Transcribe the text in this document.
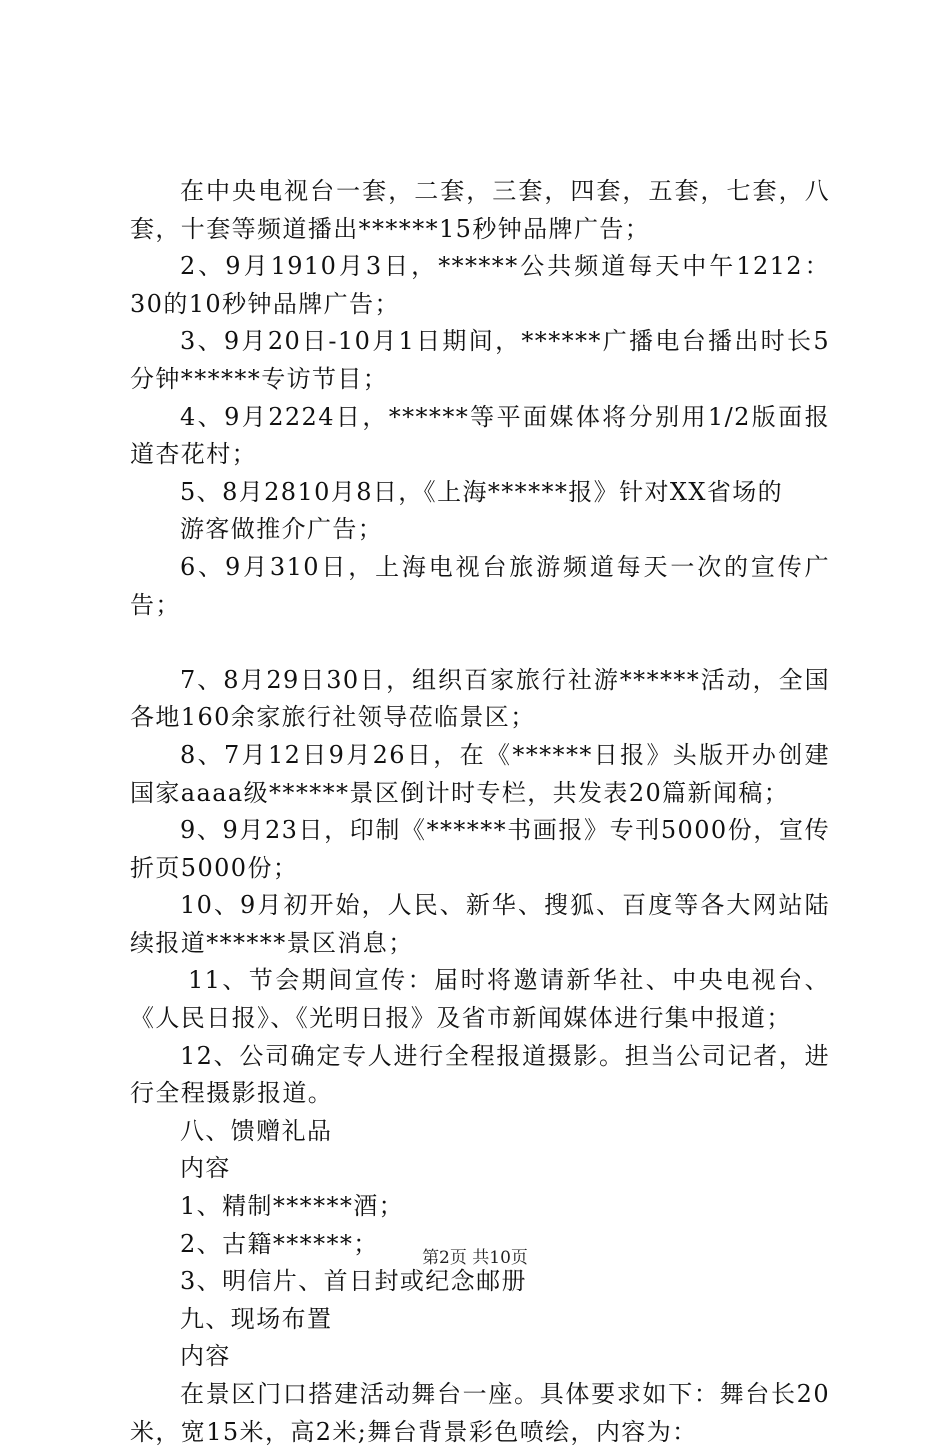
在中央电视台一套，二套，三套，四套，五套，七套，八套，十套等频道播出******15秒钟品牌广告；

2、9月1910月3日，******公共频道每天中午1212：30的10秒钟品牌广告；

3、9月20日-10月1日期间，******广播电台播出时长5分钟******专访节目；

4、9月2224日，******等平面媒体将分别用1/2版面报道杏花村；

5、8月2810月8日，《上海******报》针对XX省场的

游客做推介广告；

6、9月310日，上海电视台旅游频道每天一次的宣传广告；

7、8月29日30日，组织百家旅行社游******活动，全国各地160余家旅行社领导莅临景区；

8、7月12日9月26日，在《******日报》头版开办创建国家aaaa级******景区倒计时专栏，共发表20篇新闻稿；

9、9月23日，印制《******书画报》专刊5000份，宣传折页5000份；

10、9月初开始，人民、新华、搜狐、百度等各大网站陆续报道******景区消息；

11、节会期间宣传：届时将邀请新华社、中央电视台、《人民日报》、《光明日报》及省市新闻媒体进行集中报道；

12、公司确定专人进行全程报道摄影。担当公司记者，进行全程摄影报道。

八、馈赠礼品

内容

1、精制******酒；

2、古籍******；

3、明信片、首日封或纪念邮册

九、现场布置

内容

在景区门口搭建活动舞台一座。具体要求如下：舞台长20米，宽15米，高2米;舞台背景彩色喷绘，内容为：

第2页 共10页
